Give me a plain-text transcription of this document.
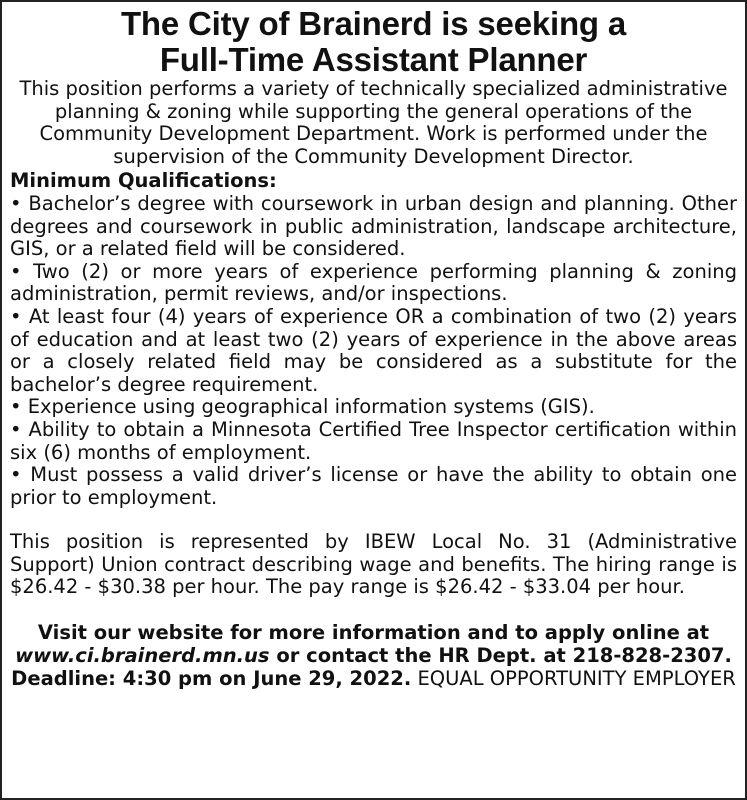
The City of Brainerd is seeking a
Full-Time Assistant Planner

This position performs a variety of technically specialized administrative planning & zoning while supporting the general operations of the Community Development Department. Work is performed under the supervision of the Community Development Director.

Minimum Qualifications:

• Bachelor’s degree with coursework in urban design and planning. Other degrees and coursework in public administration, landscape architecture, GIS, or a related field will be considered.
• Two (2) or more years of experience performing planning & zoning administration, permit reviews, and/or inspections.
• At least four (4) years of experience OR a combination of two (2) years of education and at least two (2) years of experience in the above areas or a closely related field may be considered as a substitute for the bachelor’s degree requirement.
• Experience using geographical information systems (GIS).
• Ability to obtain a Minnesota Certified Tree Inspector certification within six (6) months of employment.
• Must possess a valid driver’s license or have the ability to obtain one prior to employment.

This position is represented by IBEW Local No. 31 (Administrative Support) Union contract describing wage and benefits. The hiring range is $26.42 - $30.38 per hour. The pay range is $26.42 - $33.04 per hour.

Visit our website for more information and to apply online at www.ci.brainerd.mn.us or contact the HR Dept. at 218-828-2307. Deadline: 4:30 pm on June 29, 2022. EQUAL OPPORTUNITY EMPLOYER
